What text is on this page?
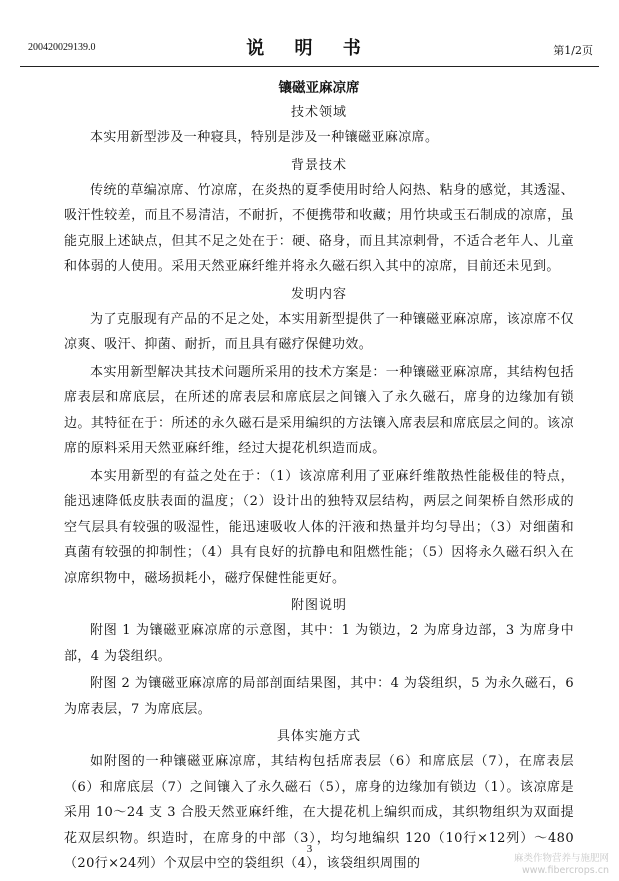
200420029139.0	说 明 书	第1/2页
镶磁亚麻凉席
技术领域

本实用新型涉及一种寝具，特别是涉及一种镶磁亚麻凉席。

背景技术

传统的草编凉席、竹凉席，在炎热的夏季使用时给人闷热、粘身的感觉，其透湿、吸汗性较差，而且不易清洁，不耐折，不便携带和收藏；用竹块或玉石制成的凉席，虽能克服上述缺点，但其不足之处在于：硬、硌身，而且其凉剌骨，不适合老年人、儿童和体弱的人使用。采用天然亚麻纤维并将永久磁石织入其中的凉席，目前还未见到。

发明内容

为了克服现有产品的不足之处，本实用新型提供了一种镶磁亚麻凉席，该凉席不仅凉爽、吸汗、抑菌、耐折，而且具有磁疗保健功效。

本实用新型解决其技术问题所采用的技术方案是：一种镶磁亚麻凉席，其结构包括席表层和席底层，在所述的席表层和席底层之间镶入了永久磁石，席身的边缘加有锁边。其特征在于：所述的永久磁石是采用编织的方法镶入席表层和席底层之间的。该凉席的原料采用天然亚麻纤维，经过大提花机织造而成。

本实用新型的有益之处在于：（1）该凉席利用了亚麻纤维散热性能极佳的特点，能迅速降低皮肤表面的温度；（2）设计出的独特双层结构，两层之间架桥自然形成的空气层具有较强的吸湿性，能迅速吸收人体的汗液和热量并均匀导出；（3）对细菌和真菌有较强的抑制性；（4）具有良好的抗静电和阻燃性能；（5）因将永久磁石织入在凉席织物中，磁场损耗小，磁疗保健性能更好。

附图说明

附图 1 为镶磁亚麻凉席的示意图，其中：1 为锁边，2 为席身边部，3 为席身中部，4 为袋组织。

附图 2 为镶磁亚麻凉席的局部剖面结果图，其中：4 为袋组织，5 为永久磁石，6 为席表层，7 为席底层。

具体实施方式

如附图的一种镶磁亚麻凉席，其结构包括席表层（6）和席底层（7），在席表层（6）和席底层（7）之间镶入了永久磁石（5），席身的边缘加有锁边（1）。该凉席是采用 10～24 支 3 合股天然亚麻纤维，在大提花机上编织而成，其织物组织为双面提花双层织物。织造时，在席身的中部（3），均匀地编织 120（10行×12列）～480（20行×24列）个双层中空的袋组织（4），该袋组织周围的

3
麻类作物营养与施肥网
www.fibercrops.cn
